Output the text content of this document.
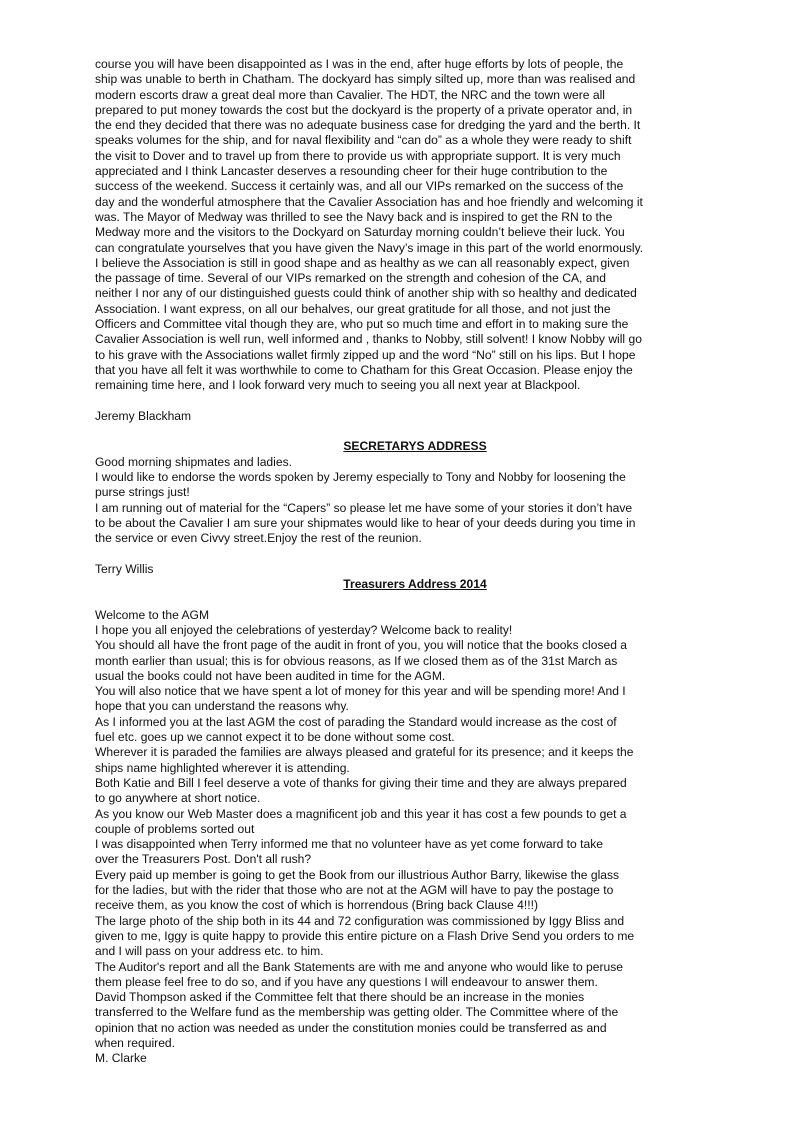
course you will have been disappointed as I was in the end, after huge efforts by lots of people, the
ship was unable to berth in Chatham. The dockyard has simply silted up, more than was realised and
modern escorts draw a great deal more than Cavalier. The HDT, the NRC and the town were all
prepared to put money towards the cost but the dockyard is the property of a private operator and, in
the end they decided that there was no adequate business case for dredging the yard and the berth. It
speaks volumes for the ship, and for naval flexibility and “can do” as a whole they were ready to shift
the visit to Dover and to travel up from there to provide us with appropriate support. It is very much
appreciated and I think Lancaster deserves a resounding cheer for their huge contribution to the
success of the weekend. Success it certainly was, and all our VIPs remarked on the success of the
day and the wonderful atmosphere that the Cavalier Association has and hoe friendly and welcoming it
was. The Mayor of Medway was thrilled to see the Navy back and is inspired to get the RN to the
Medway more and the visitors to the Dockyard on Saturday morning couldn’t believe their luck. You
can congratulate yourselves that you have given the Navy’s image in this part of the world enormously.
I believe the Association is still in good shape and as healthy as we can all reasonably expect, given
the passage of time. Several of our VIPs remarked on the strength and cohesion of the CA, and
neither I nor any of our distinguished guests could think of another ship with so healthy and dedicated
Association. I want express, on all our behalves, our great gratitude for all those, and not just the
Officers and Committee vital though they are, who put so much time and effort in to making sure the
Cavalier Association is well run, well informed and , thanks to Nobby, still solvent! I know Nobby will go
to his grave with the Associations wallet firmly zipped up and the word “No” still on his lips. But I hope
that you have all felt it was worthwhile to come to Chatham for this Great Occasion. Please enjoy the
remaining time here, and I look forward very much to seeing you all next year at Blackpool.
Jeremy Blackham
SECRETARYS ADDRESS
Good morning shipmates and ladies.
I would like to endorse the words spoken by Jeremy especially to Tony and Nobby for loosening the
purse strings just!
I am running out of material for the “Capers” so please let me have some of your stories it don’t have
to be about the Cavalier I am sure your shipmates would like to hear of your deeds during you time in
the service or even Civvy street.Enjoy the rest of the reunion.
Terry Willis
Treasurers Address 2014
Welcome to the AGM
I hope you all enjoyed the celebrations of yesterday? Welcome back to reality!
You should all have the front page of the audit in front of you, you will notice that the books closed a
month earlier than usual; this is for obvious reasons, as If we closed them as of the 31st March as
usual the books could not have been audited in time for the AGM.
You will also notice that we have spent a lot of money for this year and will be spending more! And I
hope that you can understand the reasons why.
As I informed you at the last AGM the cost of parading the Standard would increase as the cost of
fuel etc. goes up we cannot expect it to be done without some cost.
Wherever it is paraded the families are always pleased and grateful for its presence; and it keeps the
ships name highlighted wherever it is attending.
Both Katie and Bill I feel deserve a vote of thanks for giving their time and they are always prepared
to go anywhere at short notice.
As you know our Web Master does a magnificent job and this year it has cost a few pounds to get a
couple of problems sorted out
I was disappointed when Terry informed me that no volunteer have as yet come forward to take
over the Treasurers Post. Don't all rush?
Every paid up member is going to get the Book from our illustrious Author Barry, likewise the glass
for the ladies, but with the rider that those who are not at the AGM will have to pay the postage to
receive them, as you know the cost of which is horrendous (Bring back Clause 4!!!)
The large photo of the ship both in its 44 and 72 configuration was commissioned by Iggy Bliss and
given to me, Iggy is quite happy to provide this entire picture on a Flash Drive Send you orders to me
and I will pass on your address etc. to him.
The Auditor's report and all the Bank Statements are with me and anyone who would like to peruse
them please feel free to do so, and if you have any questions I will endeavour to answer them.
David Thompson asked if the Committee felt that there should be an increase in the monies
transferred to the Welfare fund as the membership was getting older. The Committee where of the
opinion that no action was needed as under the constitution monies could be transferred as and
when required.
M. Clarke
